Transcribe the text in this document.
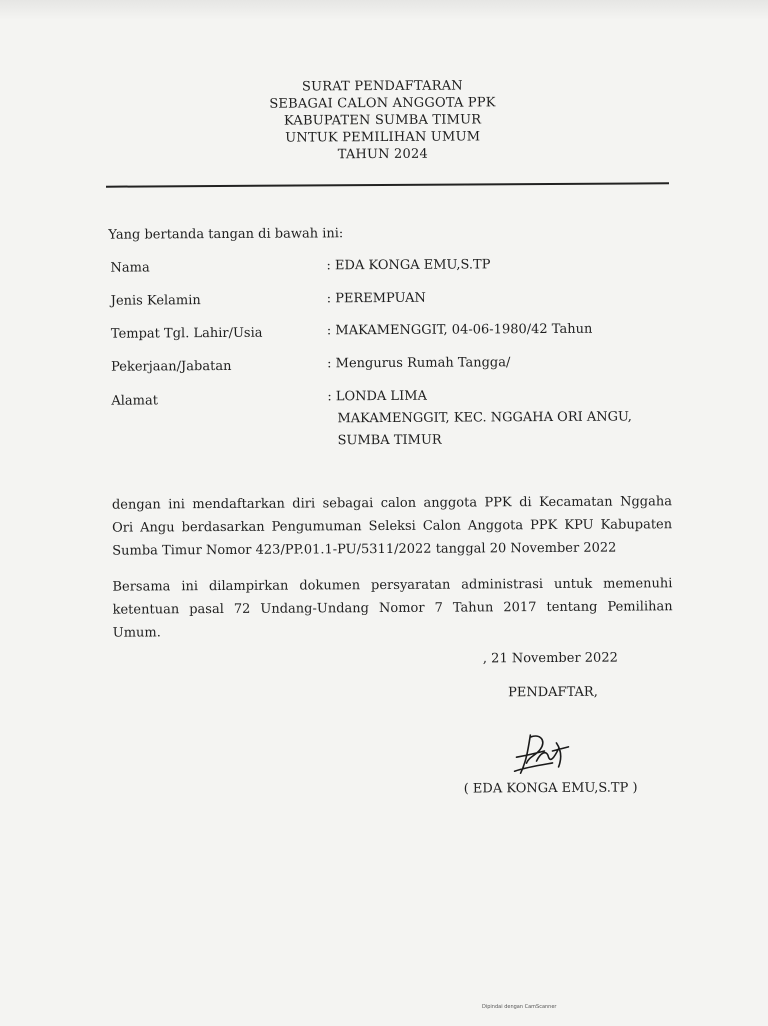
SURAT PENDAFTARAN
SEBAGAI CALON ANGGOTA PPK
KABUPATEN SUMBA TIMUR
UNTUK PEMILIHAN UMUM
TAHUN 2024
Yang bertanda tangan di bawah ini:
Nama	: EDA KONGA EMU,S.TP
Jenis Kelamin	: PEREMPUAN
Tempat Tgl. Lahir/Usia	: MAKAMENGGIT, 04-06-1980/42 Tahun
Pekerjaan/Jabatan	: Mengurus Rumah Tangga/
Alamat	: LONDA LIMA
MAKAMENGGIT, KEC. NGGAHA ORI ANGU,
SUMBA TIMUR
dengan ini mendaftarkan diri sebagai calon anggota PPK di Kecamatan Nggaha
Ori Angu berdasarkan Pengumuman Seleksi Calon Anggota PPK KPU Kabupaten
Sumba Timur Nomor 423/PP.01.1-PU/5311/2022 tanggal 20 November 2022
Bersama ini dilampirkan dokumen persyaratan administrasi untuk memenuhi
ketentuan pasal 72 Undang-Undang Nomor 7 Tahun 2017 tentang Pemilihan
Umum.
, 21 November 2022
PENDAFTAR,
( EDA KONGA EMU,S.TP )
Dipindai dengan CamScanner
